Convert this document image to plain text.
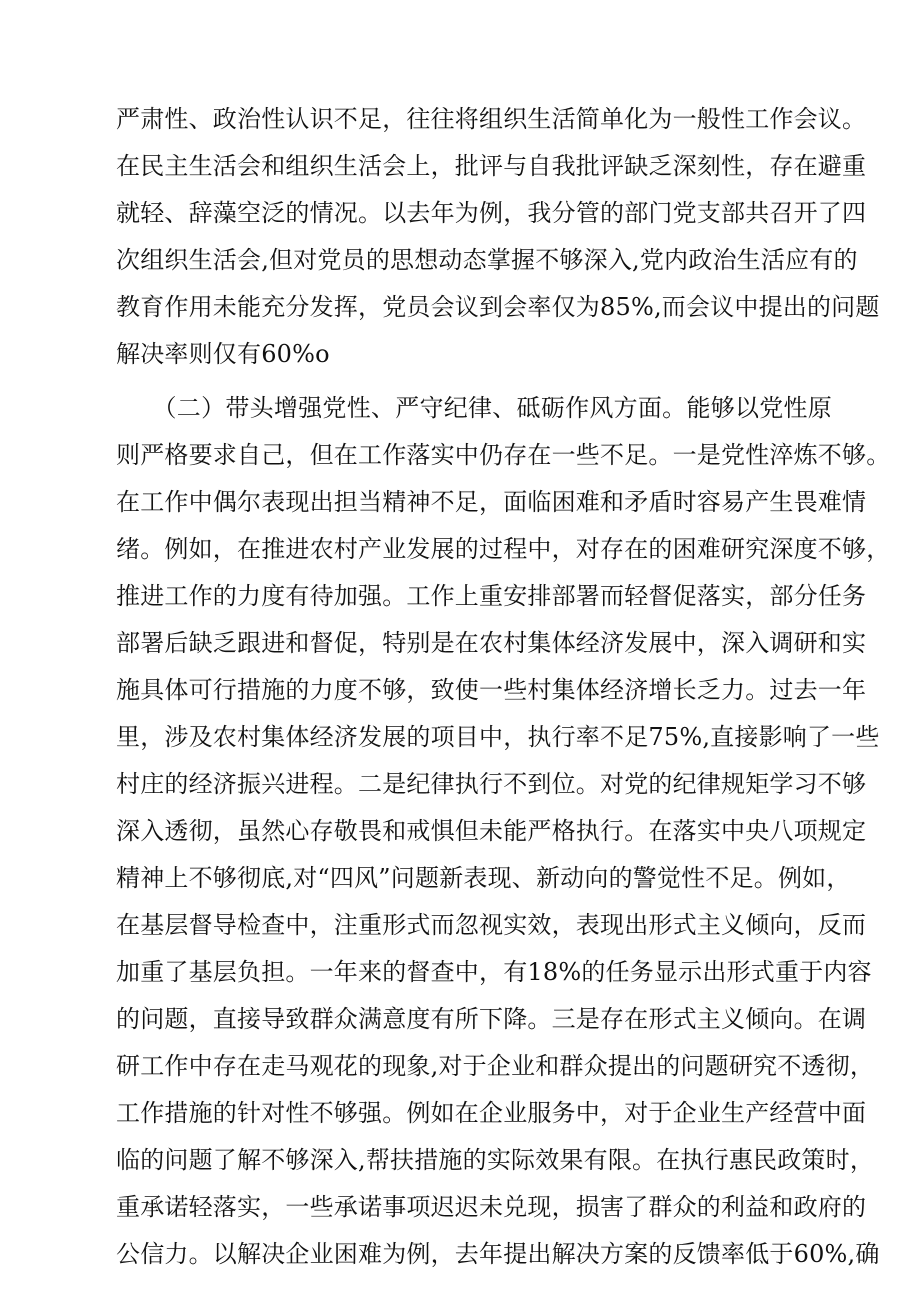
严肃性、政治性认识不足，往往将组织生活简单化为一般性工作会议。
在民主生活会和组织生活会上，批评与自我批评缺乏深刻性，存在避重
就轻、辞藻空泛的情况。以去年为例，我分管的部门党支部共召开了四
次组织生活会,但对党员的思想动态掌握不够深入,党内政治生活应有的
教育作用未能充分发挥，党员会议到会率仅为85%,而会议中提出的问题
解决率则仅有60%o
　　（二）带头增强党性、严守纪律、砥砺作风方面。能够以党性原
则严格要求自己，但在工作落实中仍存在一些不足。一是党性淬炼不够。
在工作中偶尔表现出担当精神不足，面临困难和矛盾时容易产生畏难情
绪。例如，在推进农村产业发展的过程中，对存在的困难研究深度不够，
推进工作的力度有待加强。工作上重安排部署而轻督促落实，部分任务
部署后缺乏跟进和督促，特别是在农村集体经济发展中，深入调研和实
施具体可行措施的力度不够，致使一些村集体经济增长乏力。过去一年
里，涉及农村集体经济发展的项目中，执行率不足75%,直接影响了一些
村庄的经济振兴进程。二是纪律执行不到位。对党的纪律规矩学习不够
深入透彻，虽然心存敬畏和戒惧但未能严格执行。在落实中央八项规定
精神上不够彻底,对“四风”问题新表现、新动向的警觉性不足。例如，
在基层督导检查中，注重形式而忽视实效，表现出形式主义倾向，反而
加重了基层负担。一年来的督查中，有18%的任务显示出形式重于内容
的问题，直接导致群众满意度有所下降。三是存在形式主义倾向。在调
研工作中存在走马观花的现象,对于企业和群众提出的问题研究不透彻，
工作措施的针对性不够强。例如在企业服务中，对于企业生产经营中面
临的问题了解不够深入,帮扶措施的实际效果有限。在执行惠民政策时，
重承诺轻落实，一些承诺事项迟迟未兑现，损害了群众的利益和政府的
公信力。以解决企业困难为例，去年提出解决方案的反馈率低于60%,确
